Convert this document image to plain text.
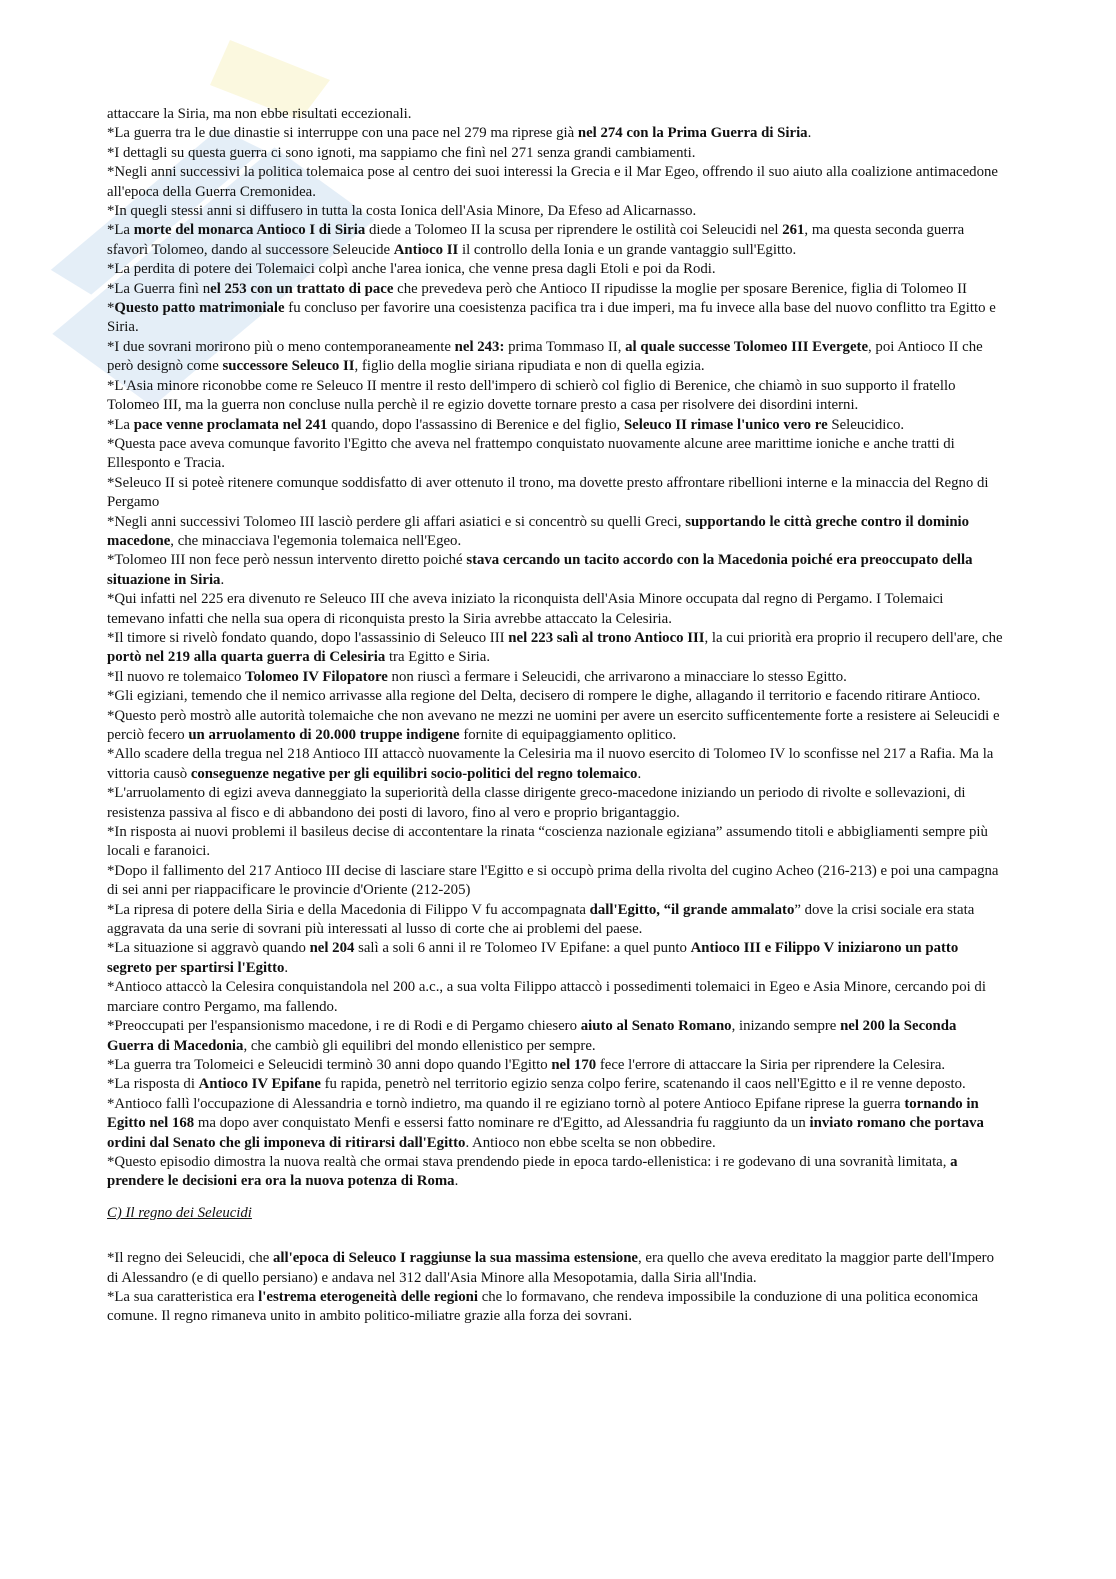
attaccare la Siria, ma non ebbe risultati eccezionali.

*La guerra tra le due dinastie si interruppe con una pace nel 279 ma riprese già nel 274 con la Prima Guerra di Siria.

*I dettagli su questa guerra ci sono ignoti, ma sappiamo che finì nel 271 senza grandi cambiamenti.

*Negli anni successivi la politica tolemaica pose al centro dei suoi interessi la Grecia e il Mar Egeo, offrendo il suo aiuto alla coalizione antimacedone all'epoca della Guerra Cremonidea.

*In quegli stessi anni si diffusero in tutta la costa Ionica dell'Asia Minore, Da Efeso ad Alicarnasso.

*La morte del monarca Antioco I di Siria diede a Tolomeo II la scusa per riprendere le ostilità coi Seleucidi nel 261, ma questa seconda guerra sfavorì Tolomeo, dando al successore Seleucide Antioco II il controllo della Ionia e un grande vantaggio sull'Egitto.

*La perdita di potere dei Tolemaici colpì anche l'area ionica, che venne presa dagli Etoli e poi da Rodi.

*La Guerra finì nel 253 con un trattato di pace che prevedeva però che Antioco II ripudisse la moglie per sposare Berenice, figlia di Tolomeo II

*Questo patto matrimoniale fu concluso per favorire una coesistenza pacifica tra i due imperi, ma fu invece alla base del nuovo conflitto tra Egitto e Siria.

*I due sovrani morirono più o meno contemporaneamente nel 243: prima Tommaso II, al quale successe Tolomeo III Evergete, poi Antioco II che però designò come successore Seleuco II, figlio della moglie siriana ripudiata e non di quella egizia.

*L'Asia minore riconobbe come re Seleuco II mentre il resto dell'impero di schierò col figlio di Berenice, che chiamò in suo supporto il fratello Tolomeo III, ma la guerra non concluse nulla perchè il re egizio dovette tornare presto a casa per risolvere dei disordini interni.

*La pace venne proclamata nel 241 quando, dopo l'assassino di Berenice e del figlio, Seleuco II rimase l'unico vero re Seleucidico.

*Questa pace aveva comunque favorito l'Egitto che aveva nel frattempo conquistato nuovamente alcune aree marittime ioniche e anche tratti di Ellesponto e Tracia.

*Seleuco II si poteè ritenere comunque soddisfatto di aver ottenuto il trono, ma dovette presto affrontare ribellioni interne e la minaccia del Regno di Pergamo

*Negli anni successivi Tolomeo III lasciò perdere gli affari asiatici e si concentrò su quelli Greci, supportando le città greche contro il dominio macedone, che minacciava l'egemonia tolemaica nell'Egeo.

*Tolomeo III non fece però nessun intervento diretto poiché stava cercando un tacito accordo con la Macedonia poiché era preoccupato della situazione in Siria.

*Qui infatti nel 225 era divenuto re Seleuco III che aveva iniziato la riconquista dell'Asia Minore occupata dal regno di Pergamo. I Tolemaici temevano infatti che nella sua opera di riconquista presto la Siria avrebbe attaccato la Celesiria.

*Il timore si rivelò fondato quando, dopo l'assassinio di Seleuco III nel 223 salì al trono Antioco III, la cui priorità era proprio il recupero dell'are, che portò nel 219 alla quarta guerra di Celesiria tra Egitto e Siria.

*Il nuovo re tolemaico Tolomeo IV Filopatore non riuscì a fermare i Seleucidi, che arrivarono a minacciare lo stesso Egitto.

*Gli egiziani, temendo che il nemico arrivasse alla regione del Delta, decisero di rompere le dighe, allagando il territorio e facendo ritirare Antioco.

*Questo però mostrò alle autorità tolemaiche che non avevano ne mezzi ne uomini per avere un esercito sufficentemente forte a resistere ai Seleucidi e perciò fecero un arruolamento di 20.000 truppe indigene fornite di equipaggiamento oplitico.

*Allo scadere della tregua nel 218 Antioco III attaccò nuovamente la Celesiria ma il nuovo esercito di Tolomeo IV lo sconfisse nel 217 a Rafia. Ma la vittoria causò conseguenze negative per gli equilibri socio-politici del regno tolemaico.

*L'arruolamento di egizi aveva danneggiato la superiorità della classe dirigente greco-macedone iniziando un periodo di rivolte e sollevazioni, di resistenza passiva al fisco e di abbandono dei posti di lavoro, fino al vero e proprio brigantaggio.

*In risposta ai nuovi problemi il basileus decise di accontentare la rinata “coscienza nazionale egiziana” assumendo titoli e abbigliamenti sempre più locali e faranoici.

*Dopo il fallimento del 217 Antioco III decise di lasciare stare l'Egitto e si occupò prima della rivolta del cugino Acheo (216-213) e poi una campagna di sei anni per riappacificare le provincie d'Oriente (212-205)

*La ripresa di potere della Siria e della Macedonia di Filippo V fu accompagnata dall'Egitto, “il grande ammalato” dove la crisi sociale era stata aggravata da una serie di sovrani più interessati al lusso di corte che ai problemi del paese.

*La situazione si aggravò quando nel 204 salì a soli 6 anni il re Tolomeo IV Epifane: a quel punto Antioco III e Filippo V iniziarono un patto segreto per spartirsi l'Egitto.

*Antioco attaccò la Celesira conquistandola nel 200 a.c., a sua volta Filippo attaccò i possedimenti tolemaici in Egeo e Asia Minore, cercando poi di marciare contro Pergamo, ma fallendo.

*Preoccupati per l'espansionismo macedone, i re di Rodi e di Pergamo chiesero aiuto al Senato Romano, inizando sempre nel 200 la Seconda Guerra di Macedonia, che cambiò gli equilibri del mondo ellenistico per sempre.

*La guerra tra Tolomeici e Seleucidi terminò 30 anni dopo quando l'Egitto nel 170 fece l'errore di attaccare la Siria per riprendere la Celesira.

*La risposta di Antioco IV Epifane fu rapida, penetrò nel territorio egizio senza colpo ferire, scatenando il caos nell'Egitto e il re venne deposto.

*Antioco fallì l'occupazione di Alessandria e tornò indietro, ma quando il re egiziano tornò al potere Antioco Epifane riprese la guerra tornando in Egitto nel 168 ma dopo aver conquistato Menfi e essersi fatto nominare re d'Egitto, ad Alessandria fu raggiunto da un inviato romano che portava ordini dal Senato che gli imponeva di ritirarsi dall'Egitto. Antioco non ebbe scelta se non obbedire.

*Questo episodio dimostra la nuova realtà che ormai stava prendendo piede in epoca tardo-ellenistica: i re godevano di una sovranità limitata, a prendere le decisioni era ora la nuova potenza di Roma.

C) Il regno dei Seleucidi

*Il regno dei Seleucidi, che all'epoca di Seleuco I raggiunse la sua massima estensione, era quello che aveva ereditato la maggior parte dell'Impero di Alessandro (e di quello persiano) e andava nel 312 dall'Asia Minore alla Mesopotamia, dalla Siria all'India.

*La sua caratteristica era l'estrema eterogeneità delle regioni che lo formavano, che rendeva impossibile la conduzione di una politica economica comune. Il regno rimaneva unito in ambito politico-miliatre grazie alla forza dei sovrani.
